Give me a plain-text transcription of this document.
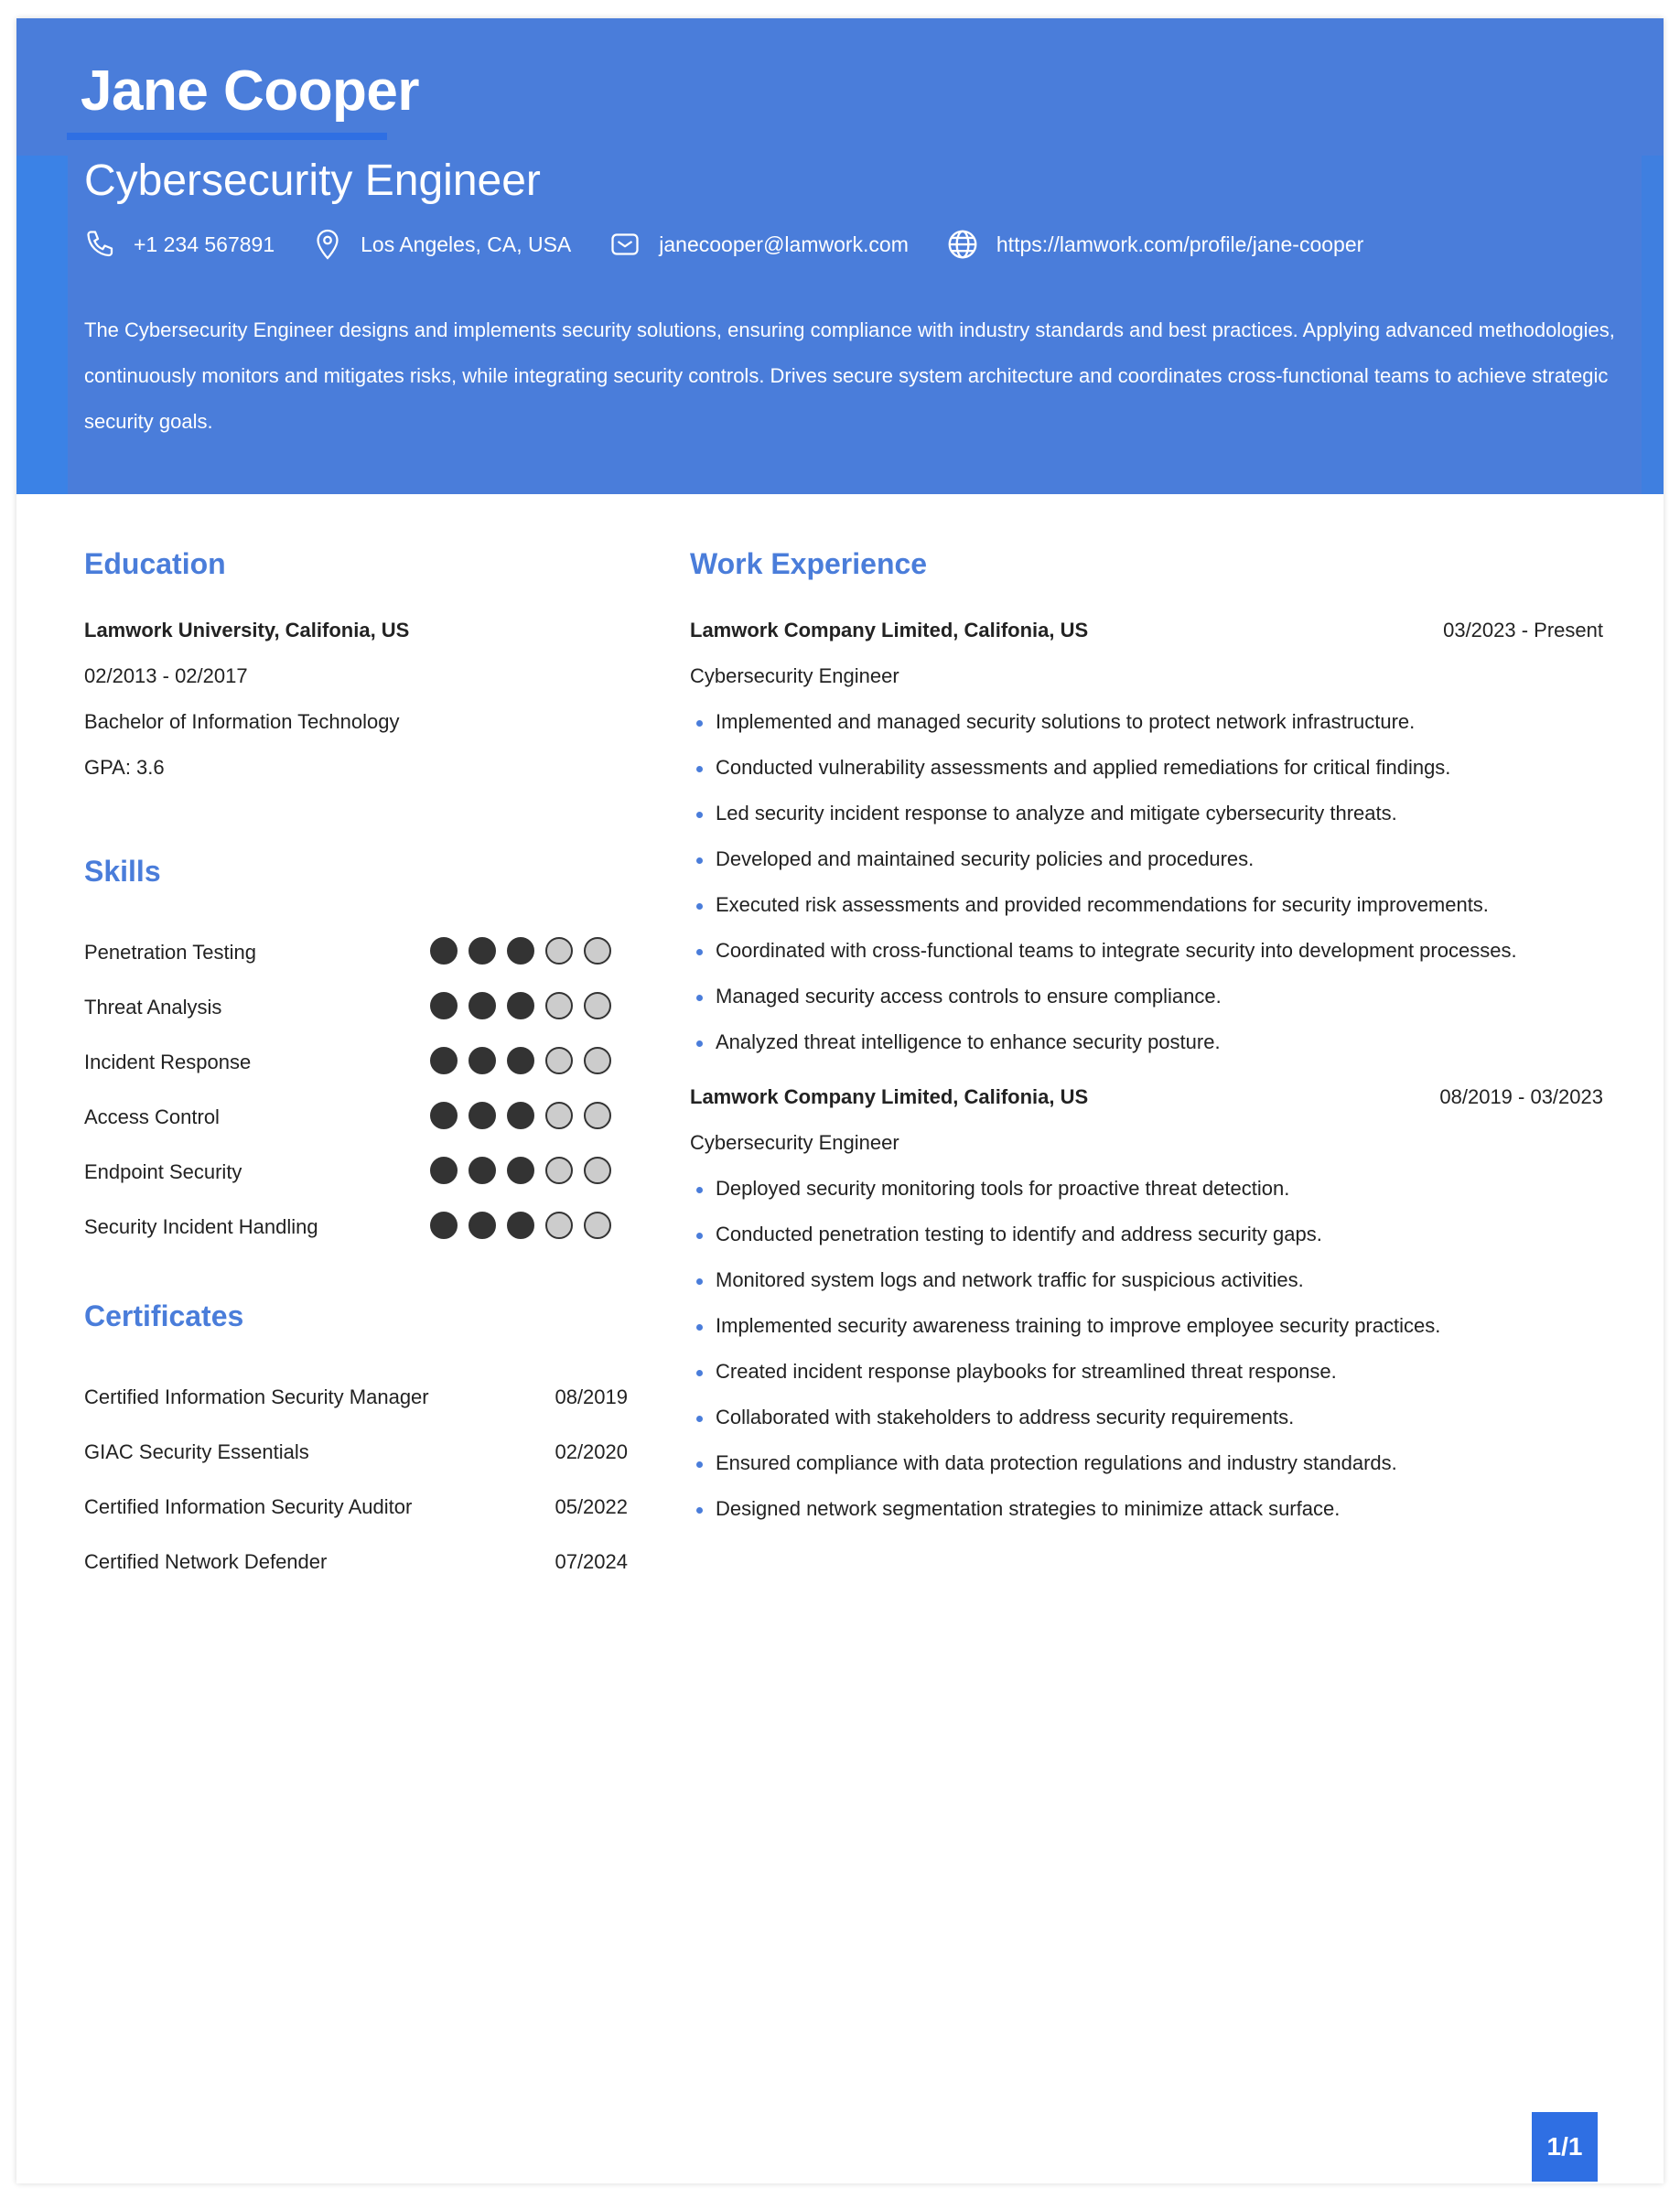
Jane Cooper
Cybersecurity Engineer
+1 234 567891	Los Angeles, CA, USA	janecooper@lamwork.com	https://lamwork.com/profile/jane-cooper
The Cybersecurity Engineer designs and implements security solutions, ensuring compliance with industry standards and best practices. Applying advanced methodologies, continuously monitors and mitigates risks, while integrating security controls. Drives secure system architecture and coordinates cross-functional teams to achieve strategic security goals.
Education
Lamwork University, Califonia, US
02/2013 - 02/2017
Bachelor of Information Technology
GPA: 3.6
Skills
Penetration Testing
Threat Analysis
Incident Response
Access Control
Endpoint Security
Security Incident Handling
Certificates
Certified Information Security Manager	08/2019
GIAC Security Essentials	02/2020
Certified Information Security Auditor	05/2022
Certified Network Defender	07/2024
Work Experience
Lamwork Company Limited, Califonia, US	03/2023 - Present
Cybersecurity Engineer
Implemented and managed security solutions to protect network infrastructure.
Conducted vulnerability assessments and applied remediations for critical findings.
Led security incident response to analyze and mitigate cybersecurity threats.
Developed and maintained security policies and procedures.
Executed risk assessments and provided recommendations for security improvements.
Coordinated with cross-functional teams to integrate security into development processes.
Managed security access controls to ensure compliance.
Analyzed threat intelligence to enhance security posture.
Lamwork Company Limited, Califonia, US	08/2019 - 03/2023
Cybersecurity Engineer
Deployed security monitoring tools for proactive threat detection.
Conducted penetration testing to identify and address security gaps.
Monitored system logs and network traffic for suspicious activities.
Implemented security awareness training to improve employee security practices.
Created incident response playbooks for streamlined threat response.
Collaborated with stakeholders to address security requirements.
Ensured compliance with data protection regulations and industry standards.
Designed network segmentation strategies to minimize attack surface.
1/1
